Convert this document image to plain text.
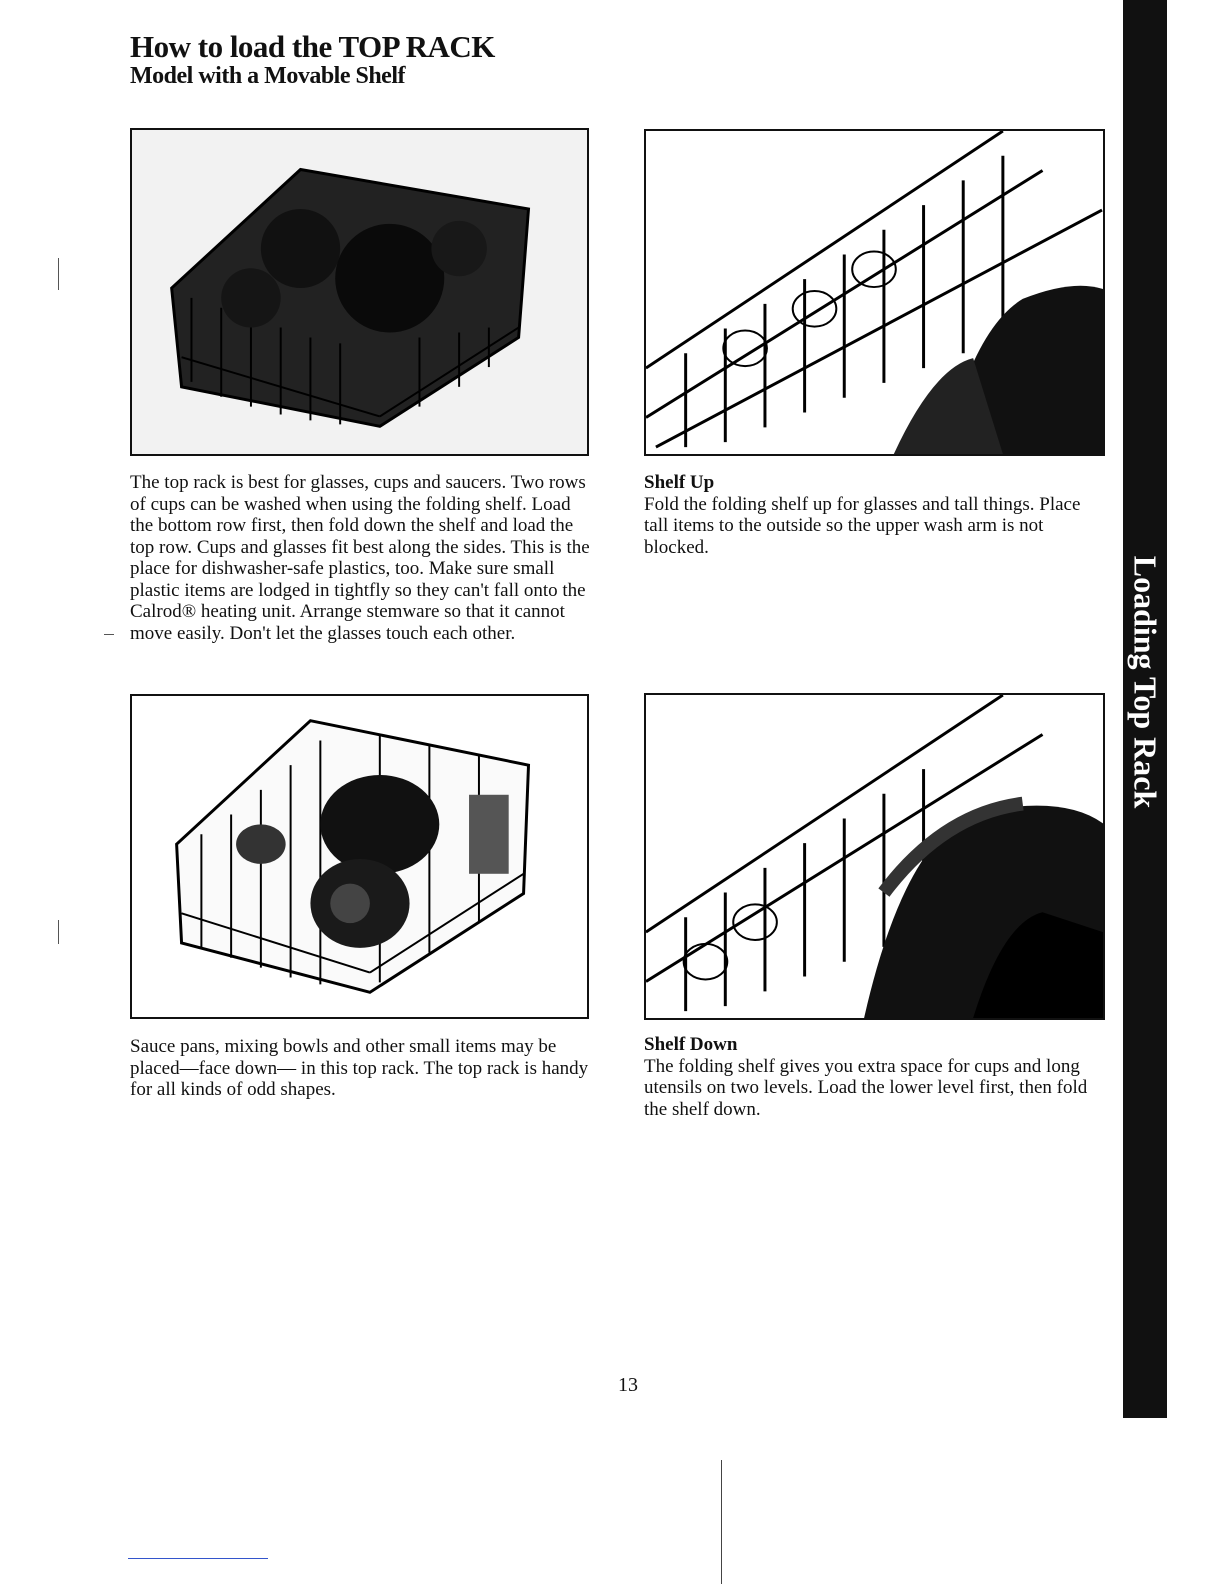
How to load the TOP RACK
Model with a Movable Shelf

The top rack is best for glasses, cups and saucers. Two rows of cups can be washed when using the folding shelf. Load the bottom row first, then fold down the shelf and load the top row. Cups and glasses fit best along the sides. This is the place for dishwasher-safe plastics, too. Make sure small plastic items are lodged in tightfly so they can't fall onto the Calrod® heating unit. Arrange stemware so that it cannot move easily. Don't let the glasses touch each other.

Shelf Up
Fold the folding shelf up for glasses and tall things. Place tall items to the outside so the upper wash arm is not blocked.

Sauce pans, mixing bowls and other small items may be placed—face down— in this top rack. The top rack is handy for all kinds of odd shapes.

Shelf Down
The folding shelf gives you extra space for cups and long utensils on two levels. Load the lower level first, then fold the shelf down.

13
Loading Top Rack
